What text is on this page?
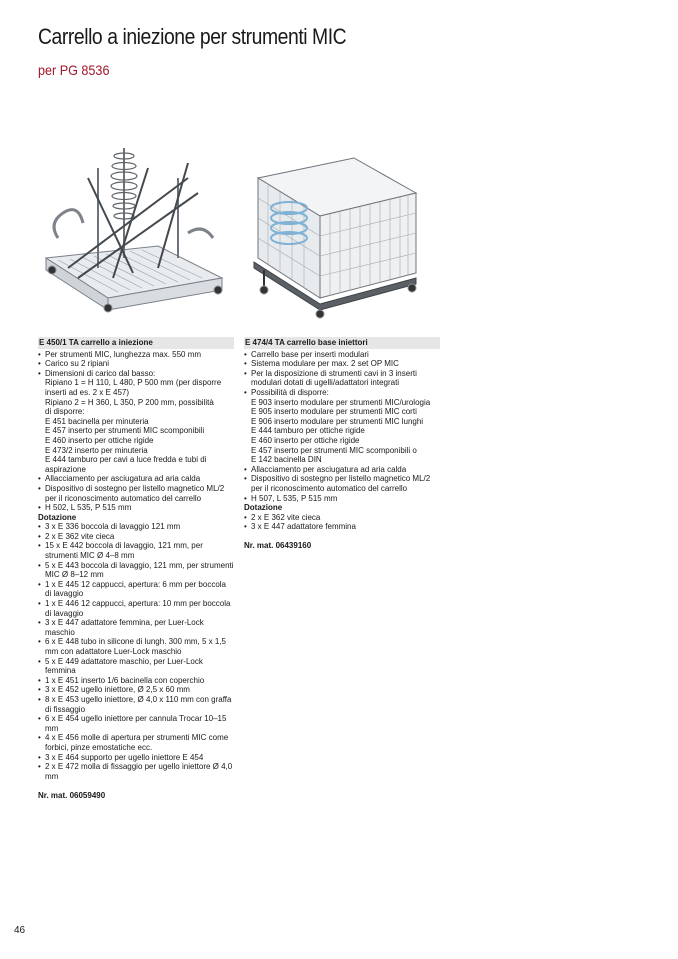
Carrello a iniezione per strumenti MIC
per PG 8536
E 450/1 TA carrello a iniezione
• Per strumenti MIC, lunghezza max. 550 mm
• Carico su 2 ripiani
• Dimensioni di carico dal basso:
Ripiano 1 = H 110, L 480, P 500 mm (per disporre
inserti ad es. 2 x E 457)
Ripiano 2 = H 360, L 350, P 200 mm, possibilità
di disporre:
E 451 bacinella per minuteria
E 457 inserto per strumenti MIC scomponibili
E 460 inserto per ottiche rigide
E 473/2 inserto per minuteria
E 444 tamburo per cavi a luce fredda e tubi di
aspirazione
• Allacciamento per asciugatura ad aria calda
• Dispositivo di sostegno per listello magnetico ML/2 per il riconoscimento automatico del carrello
• H 502, L 535, P 515 mm
Dotazione
• 3 x E 336 boccola di lavaggio 121 mm
• 2 x E 362 vite cieca
• 15 x E 442 boccola di lavaggio, 121 mm, per strumenti MIC Ø 4–8 mm
• 5 x E 443 boccola di lavaggio, 121 mm, per strumenti MIC Ø 8–12 mm
• 1 x E 445 12 cappucci, apertura: 6 mm per boccola di lavaggio
• 1 x E 446 12 cappucci, apertura: 10 mm per boccola di lavaggio
• 3 x E 447 adattatore femmina, per Luer-Lock maschio
• 6 x E 448 tubo in silicone di lungh. 300 mm, 5 x 1,5 mm con adattatore Luer-Lock maschio
• 5 x E 449 adattatore maschio, per Luer-Lock femmina
• 1 x E 451 inserto 1/6 bacinella con coperchio
• 3 x E 452 ugello iniettore, Ø 2,5 x 60 mm
• 8 x E 453 ugello iniettore, Ø 4,0 x 110 mm con graffa di fissaggio
• 6 x E 454 ugello iniettore per cannula Trocar 10–15 mm
• 4 x E 456 molle di apertura per strumenti MIC come forbici, pinze emostatiche ecc.
• 3 x E 464 supporto per ugello iniettore E 454
• 2 x E 472 molla di fissaggio per ugello iniettore Ø 4,0 mm
Nr. mat. 06059490
E 474/4 TA carrello base iniettori
• Carrello base per inserti modulari
• Sistema modulare per max. 2 set OP MIC
• Per la disposizione di strumenti cavi in 3 inserti modulari dotati di ugelli/adattatori integrati
• Possibilità di disporre:
E 903 inserto modulare per strumenti MIC/urologia
E 905 inserto modulare per strumenti MIC corti
E 906 inserto modulare per strumenti MIC lunghi
E 444 tamburo per ottiche rigide
E 460 inserto per ottiche rigide
E 457 inserto per strumenti MIC scomponibili o
E 142 bacinella DIN
• Allacciamento per asciugatura ad aria calda
• Dispositivo di sostegno per listello magnetico ML/2 per il riconoscimento automatico del carrello
• H 507, L 535, P 515 mm
Dotazione
• 2 x E 362 vite cieca
• 3 x E 447 adattatore femmina
Nr. mat. 06439160
46
